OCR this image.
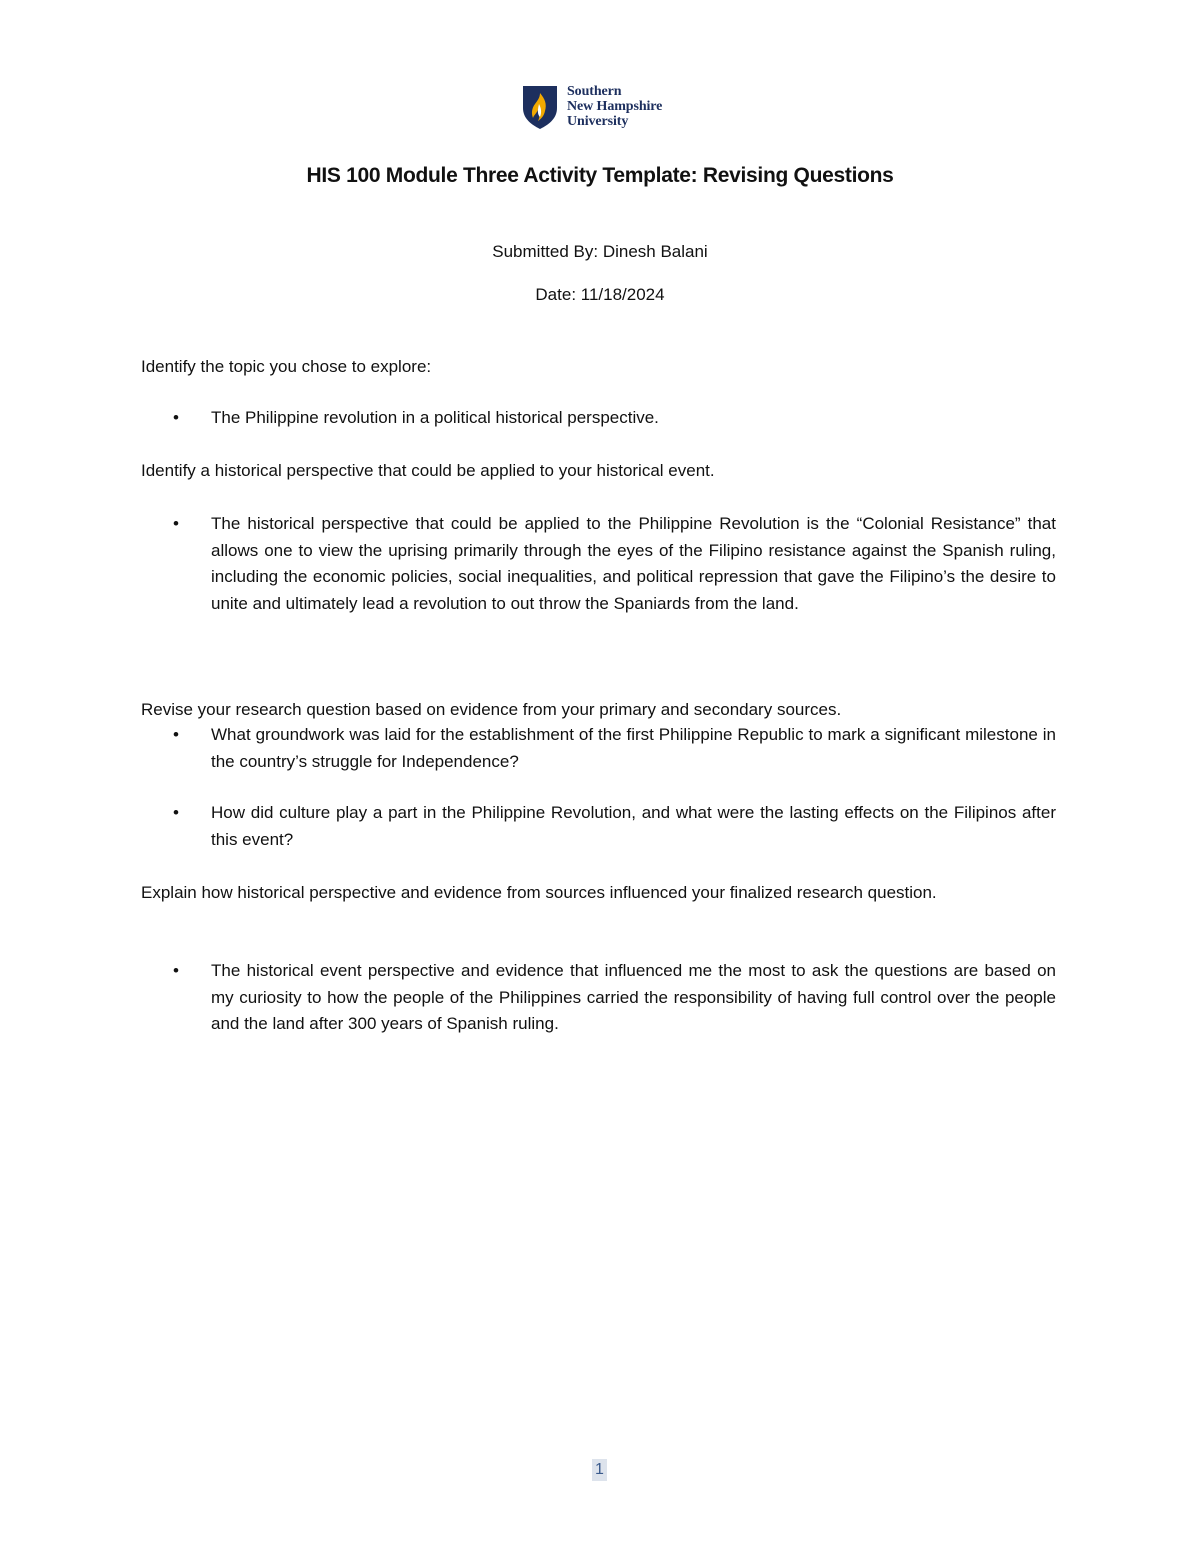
Southern
New Hampshire
University
HIS 100 Module Three Activity Template: Revising Questions
Submitted By: Dinesh Balani
Date: 11/18/2024

Identify the topic you chose to explore:

• The Philippine revolution in a political historical perspective.

Identify a historical perspective that could be applied to your historical event.

• The historical perspective that could be applied to the Philippine Revolution is the “Colonial Resistance” that allows one to view the uprising primarily through the eyes of the Filipino resistance against the Spanish ruling, including the economic policies, social inequalities, and political repression that gave the Filipino’s the desire to unite and ultimately lead a revolution to out throw the Spaniards from the land.

Revise your research question based on evidence from your primary and secondary sources.

• What groundwork was laid for the establishment of the first Philippine Republic to mark a significant milestone in the country’s struggle for Independence?

• How did culture play a part in the Philippine Revolution, and what were the lasting effects on the Filipinos after this event?

Explain how historical perspective and evidence from sources influenced your finalized research question.

• The historical event perspective and evidence that influenced me the most to ask the questions are based on my curiosity to how the people of the Philippines carried the responsibility of having full control over the people and the land after 300 years of Spanish ruling.

1
